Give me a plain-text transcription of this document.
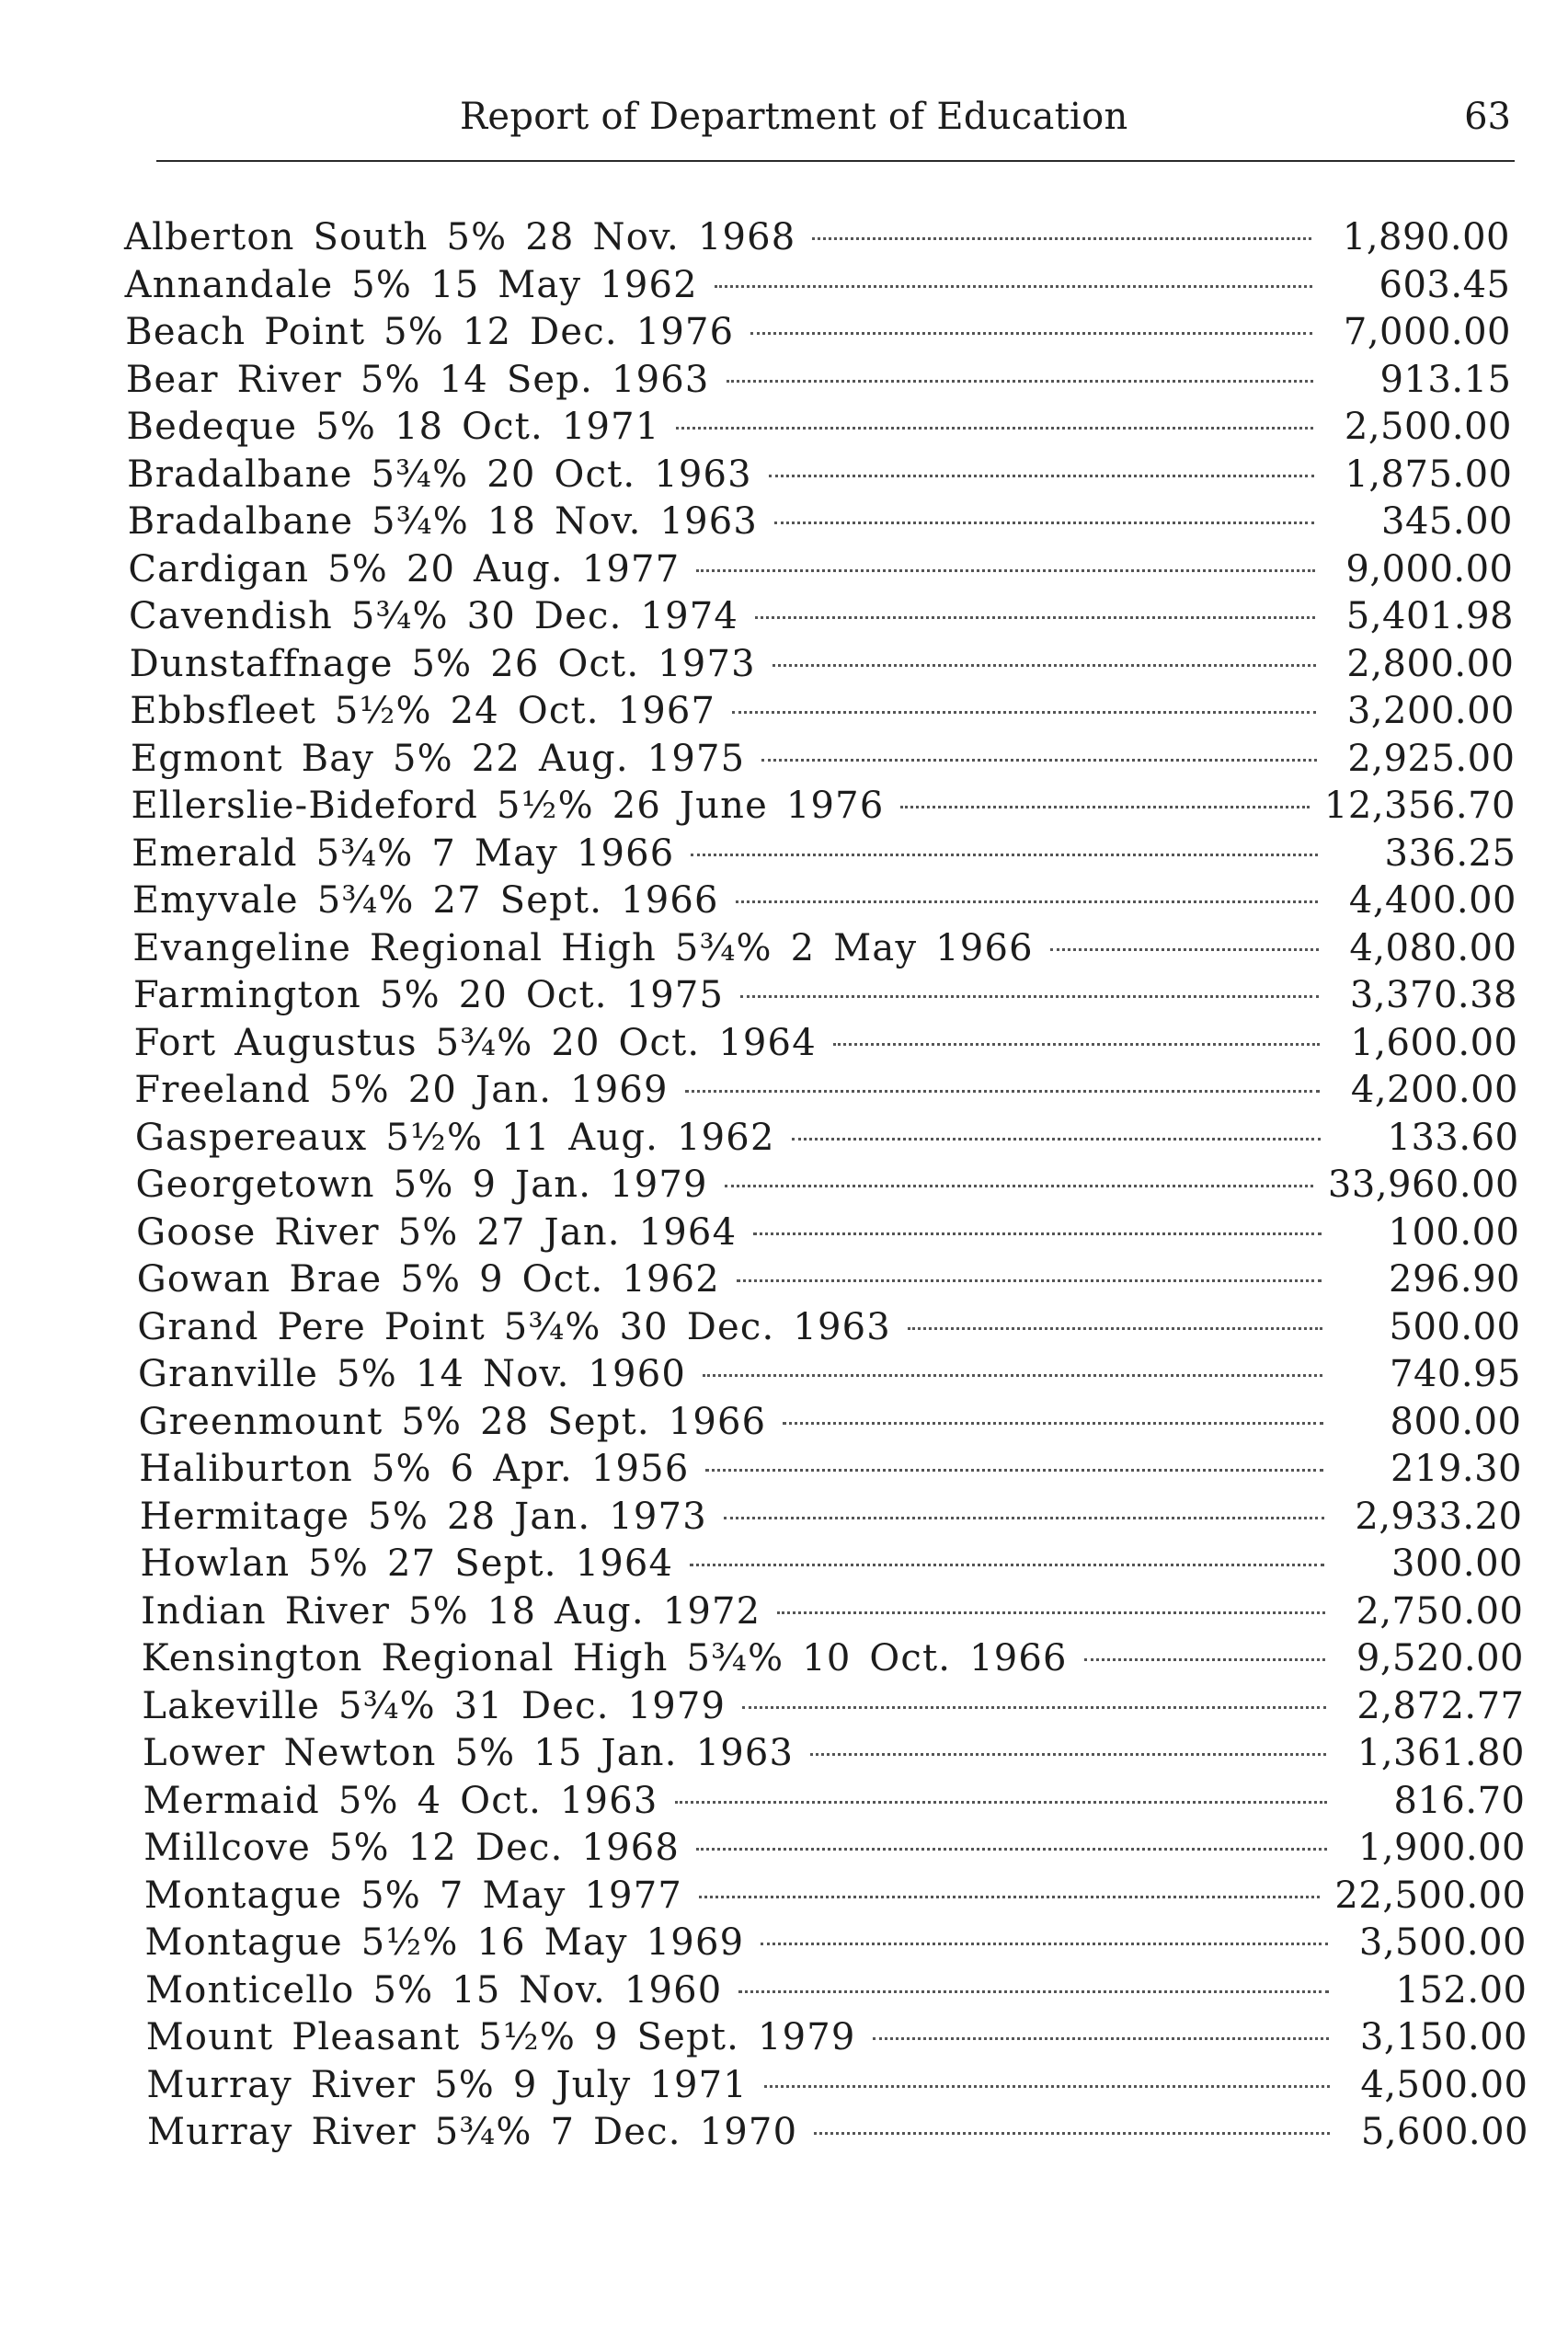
Report of Department of Education	63
Alberton South 5% 28 Nov. 1968	1,890.00
Annandale 5% 15 May 1962	603.45
Beach Point 5% 12 Dec. 1976	7,000.00
Bear River 5% 14 Sep. 1963	913.15
Bedeque 5% 18 Oct. 1971	2,500.00
Bradalbane 5¾% 20 Oct. 1963	1,875.00
Bradalbane 5¾% 18 Nov. 1963	345.00
Cardigan 5% 20 Aug. 1977	9,000.00
Cavendish 5¾% 30 Dec. 1974	5,401.98
Dunstaffnage 5% 26 Oct. 1973	2,800.00
Ebbsfleet 5½% 24 Oct. 1967	3,200.00
Egmont Bay 5% 22 Aug. 1975	2,925.00
Ellerslie-Bideford 5½% 26 June 1976	12,356.70
Emerald 5¾% 7 May 1966	336.25
Emyvale 5¾% 27 Sept. 1966	4,400.00
Evangeline Regional High 5¾% 2 May 1966	4,080.00
Farmington 5% 20 Oct. 1975	3,370.38
Fort Augustus 5¾% 20 Oct. 1964	1,600.00
Freeland 5% 20 Jan. 1969	4,200.00
Gaspereaux 5½% 11 Aug. 1962	133.60
Georgetown 5% 9 Jan. 1979	33,960.00
Goose River 5% 27 Jan. 1964	100.00
Gowan Brae 5% 9 Oct. 1962	296.90
Grand Pere Point 5¾% 30 Dec. 1963	500.00
Granville 5% 14 Nov. 1960	740.95
Greenmount 5% 28 Sept. 1966	800.00
Haliburton 5% 6 Apr. 1956	219.30
Hermitage 5% 28 Jan. 1973	2,933.20
Howlan 5% 27 Sept. 1964	300.00
Indian River 5% 18 Aug. 1972	2,750.00
Kensington Regional High 5¾% 10 Oct. 1966	9,520.00
Lakeville 5¾% 31 Dec. 1979	2,872.77
Lower Newton 5% 15 Jan. 1963	1,361.80
Mermaid 5% 4 Oct. 1963	816.70
Millcove 5% 12 Dec. 1968	1,900.00
Montague 5% 7 May 1977	22,500.00
Montague 5½% 16 May 1969	3,500.00
Monticello 5% 15 Nov. 1960	152.00
Mount Pleasant 5½% 9 Sept. 1979	3,150.00
Murray River 5% 9 July 1971	4,500.00
Murray River 5¾% 7 Dec. 1970	5,600.00
